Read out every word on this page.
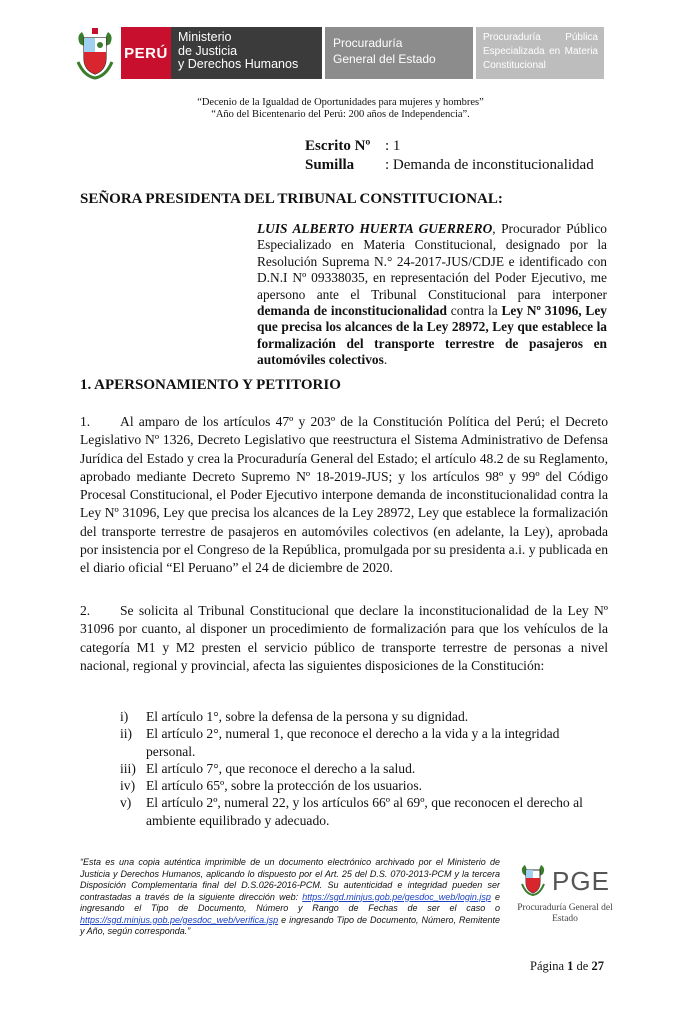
PERÚ
Ministerio
de Justicia
y Derechos Humanos
Procuraduría
General del Estado
Procuraduría Pública Especializada en Materia Constitucional
“Decenio de la Igualdad de Oportunidades para mujeres y hombres”
“Año del Bicentenario del Perú: 200 años de Independencia”.
Escrito Nº : 1
Sumilla : Demanda de inconstitucionalidad
SEÑORA PRESIDENTA DEL TRIBUNAL CONSTITUCIONAL:
LUIS ALBERTO HUERTA GUERRERO, Procurador Público Especializado en Materia Constitucional, designado por la Resolución Suprema N.° 24-2017-JUS/CDJE e identificado con D.N.I Nº 09338035, en representación del Poder Ejecutivo, me apersono ante el Tribunal Constitucional para interponer demanda de inconstitucionalidad contra la Ley Nº 31096, Ley que precisa los alcances de la Ley 28972, Ley que establece la formalización del transporte terrestre de pasajeros en automóviles colectivos.
1. APERSONAMIENTO Y PETITORIO
1. Al amparo de los artículos 47º y 203º de la Constitución Política del Perú; el Decreto Legislativo Nº 1326, Decreto Legislativo que reestructura el Sistema Administrativo de Defensa Jurídica del Estado y crea la Procuraduría General del Estado; el artículo 48.2 de su Reglamento, aprobado mediante Decreto Supremo Nº 18-2019-JUS; y los artículos 98º y 99º del Código Procesal Constitucional, el Poder Ejecutivo interpone demanda de inconstitucionalidad contra la Ley Nº 31096, Ley que precisa los alcances de la Ley 28972, Ley que establece la formalización del transporte terrestre de pasajeros en automóviles colectivos (en adelante, la Ley), aprobada por insistencia por el Congreso de la República, promulgada por su presidenta a.i. y publicada en el diario oficial “El Peruano” el 24 de diciembre de 2020.
2. Se solicita al Tribunal Constitucional que declare la inconstitucionalidad de la Ley Nº 31096 por cuanto, al disponer un procedimiento de formalización para que los vehículos de la categoría M1 y M2 presten el servicio público de transporte terrestre de personas a nivel nacional, regional y provincial, afecta las siguientes disposiciones de la Constitución:
i)	El artículo 1°, sobre la defensa de la persona y su dignidad.
ii)	El artículo 2°, numeral 1, que reconoce el derecho a la vida y a la integridad personal.
iii) El artículo 7°, que reconoce el derecho a la salud.
iv) El artículo 65º, sobre la protección de los usuarios.
v)	El artículo 2º, numeral 22, y los artículos 66º al 69º, que reconocen el derecho al ambiente equilibrado y adecuado.
“Esta es una copia auténtica imprimible de un documento electrónico archivado por el Ministerio de Justicia y Derechos Humanos, aplicando lo dispuesto por el Art. 25 del D.S. 070-2013-PCM y la tercera Disposición Complementaria final del D.S.026-2016-PCM. Su autenticidad e integridad pueden ser contrastadas a través de la siguiente dirección web: https://sgd.minjus.gob.pe/gesdoc_web/login.jsp e ingresando el Tipo de Documento, Número y Rango de Fechas de ser el caso o https://sgd.minjus.gob.pe/gesdoc_web/verifica.jsp e ingresando Tipo de Documento, Número, Remitente y Año, según corresponda.”
PGE
Procuraduría General del
Estado
Página 1 de 27
